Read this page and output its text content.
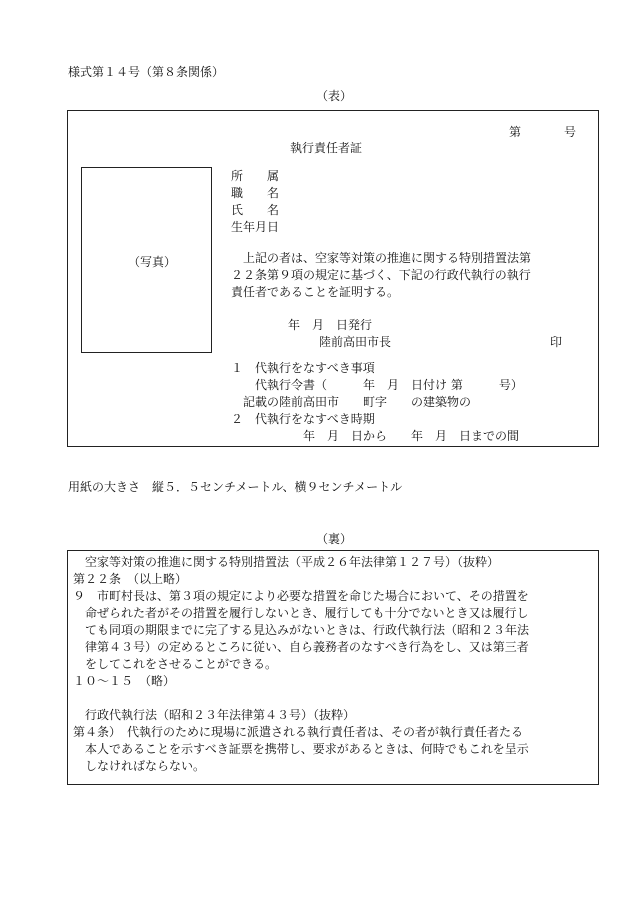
様式第１４号（第８条関係）
（表）
第	号
執行責任者証
（写真）
所　　属
職　　名
氏　　名
生年月日
　上記の者は、空家等対策の推進に関する特別措置法第
２２条第９項の規定に基づく、下記の行政代執行の執行
責任者であることを証明する。
年　月　日発行
陸前高田市長	印
１　代執行をなすべき事項
　　代執行令書（　　　年　月　日付け 第　　　号）
　記載の陸前高田市　　町字　　の建築物の
２　代執行をなすべき時期
　　　　　　年　月　日から　　年　月　日までの間
用紙の大きさ　縦５．５センチメートル、横９センチメートル
（裏）
　空家等対策の推進に関する特別措置法（平成２６年法律第１２７号）（抜粋）
第２２条　（以上略）
９　市町村長は、第３項の規定により必要な措置を命じた場合において、その措置を
　命ぜられた者がその措置を履行しないとき、履行しても十分でないとき又は履行し
　ても同項の期限までに完了する見込みがないときは、行政代執行法（昭和２３年法
　律第４３号）の定めるところに従い、自ら義務者のなすべき行為をし、又は第三者
　をしてこれをさせることができる。
１０～１５　（略）
　行政代執行法（昭和２３年法律第４３号）（抜粋）
第４条）　代執行のために現場に派遣される執行責任者は、その者が執行責任者たる
　本人であることを示すべき証票を携帯し、要求があるときは、何時でもこれを呈示
　しなければならない。
